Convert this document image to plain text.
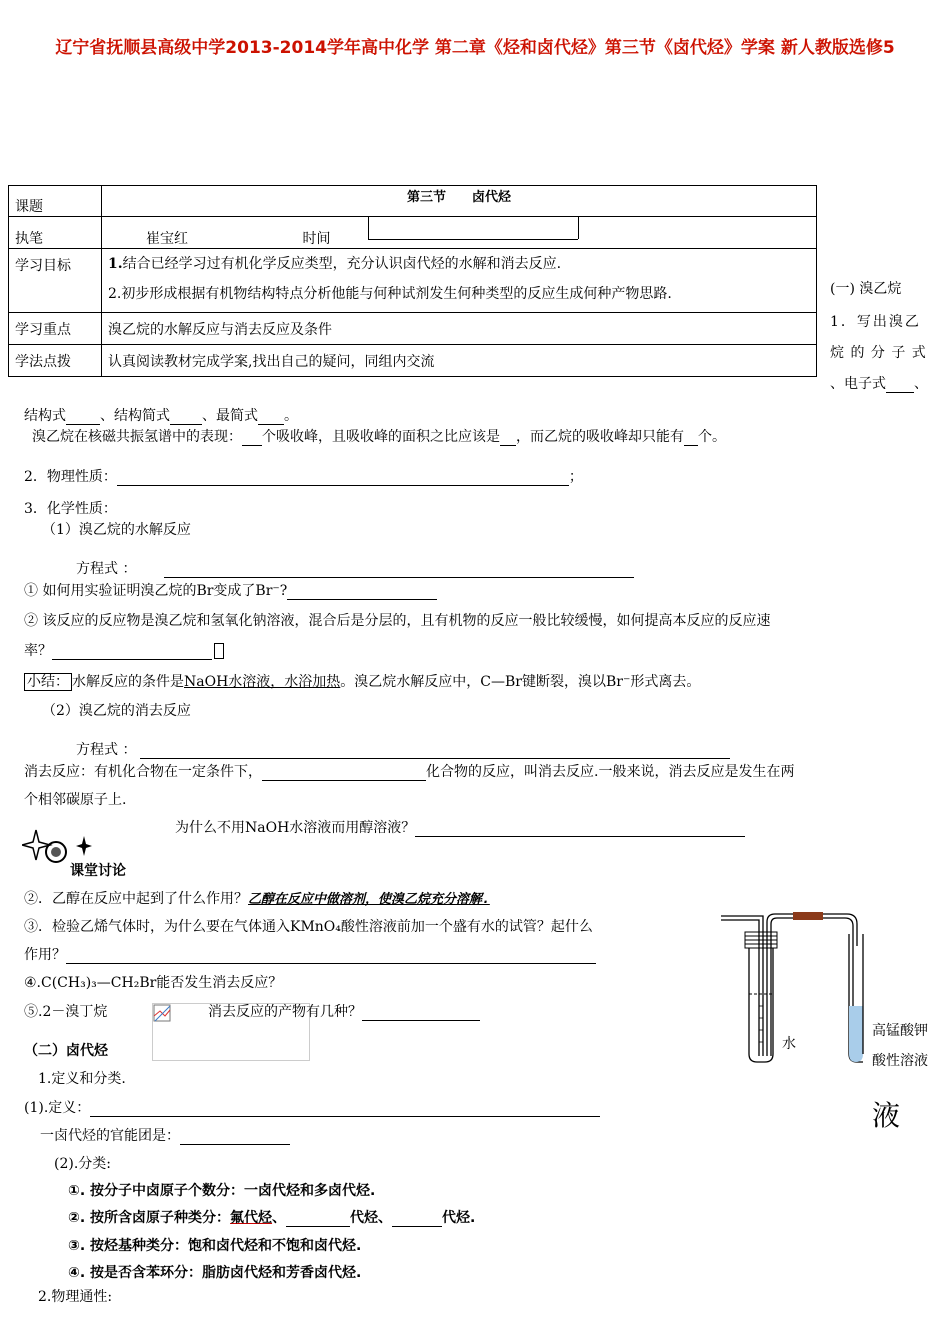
辽宁省抚顺县高级中学2013-2014学年高中化学 第二章《烃和卤代烃》第三节《卤代烃》学案 新人教版选修5
课题	第三节　　卤代烃
执笔	崔宝红 时间

学习目标	1.结合已经学习过有机化学反应类型，充分认识卤代烃的水解和消去反应.
2.初步形成根据有机物结构特点分析他能与何种试剂发生何种类型的反应生成何种产物思路.

学习重点	溴乙烷的水解反应与消去反应及条件
学法点拨	认真阅读教材完成学案,找出自己的疑问，同组内交流
(一) 溴乙烷
1．写出溴乙
烷 的 分 子 式
、电子式 、
结构式 、结构简式 、最简式 。
溴乙烷在核磁共振氢谱中的表现： 个吸收峰，且吸收峰的面积之比应该是 ，而乙烷的吸收峰却只能有 个。
2．物理性质：	；
3．化学性质：
（1）溴乙烷的水解反应
方程式 ：
① 如何用实验证明溴乙烷的Br变成了Br⁻?
② 该反应的反应物是溴乙烷和氢氧化钠溶液，混合后是分层的，且有机物的反应一般比较缓慢，如何提高本反应的反应速
率？
小结： 水解反应的条件是NaOH水溶液，水浴加热。溴乙烷水解反应中，C—Br键断裂，溴以Br⁻形式离去。
（2）溴乙烷的消去反应
方程式 ：
消去反应：有机化合物在一定条件下，	化合物的反应，叫消去反应.一般来说，消去反应是发生在两
个相邻碳原子上.
为什么不用NaOH水溶液而用醇溶液？
课堂讨论
②．乙醇在反应中起到了什么作用？乙醇在反应中做溶剂，使溴乙烷充分溶解.
③．检验乙烯气体时，为什么要在气体通入KMnO₄酸性溶液前加一个盛有水的试管？起什么
作用？
④.C(CH₃)₃—CH₂Br能否发生消去反应？
⑤.2－溴丁烷	消去反应的产物有几种？
水
高锰酸钾
酸性溶液
液
（二）卤代烃
1.定义和分类.
(1).定义：
一卤代烃的官能团是：
(2).分类:
①. 按分子中卤原子个数分：一卤代烃和多卤代烃.
②. 按所含卤原子种类分：氟代烃、	代烃、	代烃.
③. 按烃基种类分：饱和卤代烃和不饱和卤代烃.
④. 按是否含苯环分：脂肪卤代烃和芳香卤代烃.
2.物理通性:
